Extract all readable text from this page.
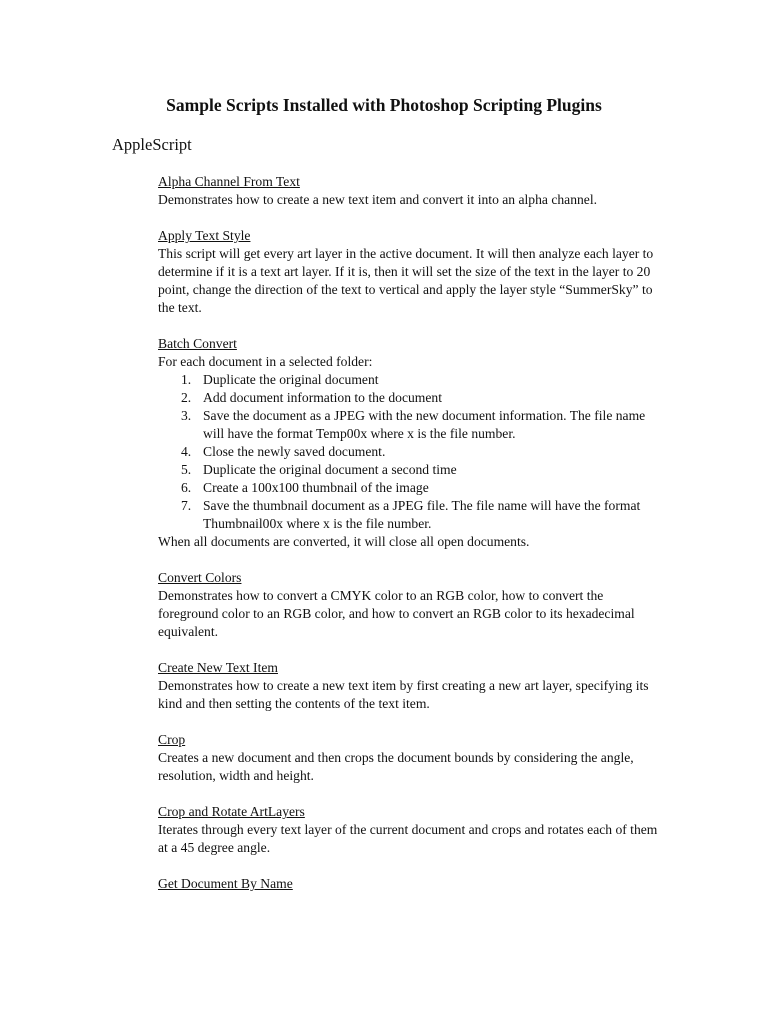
Sample Scripts Installed with Photoshop Scripting Plugins
AppleScript
Alpha Channel From Text
Demonstrates how to create a new text item and convert it into an alpha channel.
Apply Text Style
This script will get every art layer in the active document. It will then analyze each layer to determine if it is a text art layer. If it is, then it will set the size of the text in the layer to 20 point, change the direction of the text to vertical and apply the layer style “SummerSky” to the text.
Batch Convert
For each document in a selected folder:
1. Duplicate the original document
2. Add document information to the document
3. Save the document as a JPEG with the new document information. The file name will have the format Temp00x where x is the file number.
4. Close the newly saved document.
5. Duplicate the original document a second time
6. Create a 100x100 thumbnail of the image
7. Save the thumbnail document as a JPEG file. The file name will have the format Thumbnail00x where x is the file number.
When all documents are converted, it will close all open documents.
Convert Colors
Demonstrates how to convert a CMYK color to an RGB color, how to convert the foreground color to an RGB color, and how to convert an RGB color to its hexadecimal equivalent.
Create New Text Item
Demonstrates how to create a new text item by first creating a new art layer, specifying its kind and then setting the contents of the text item.
Crop
Creates a new document and then crops the document bounds by considering the angle, resolution, width and height.
Crop and Rotate ArtLayers
Iterates through every text layer of the current document and crops and rotates each of them at a 45 degree angle.
Get Document By Name
